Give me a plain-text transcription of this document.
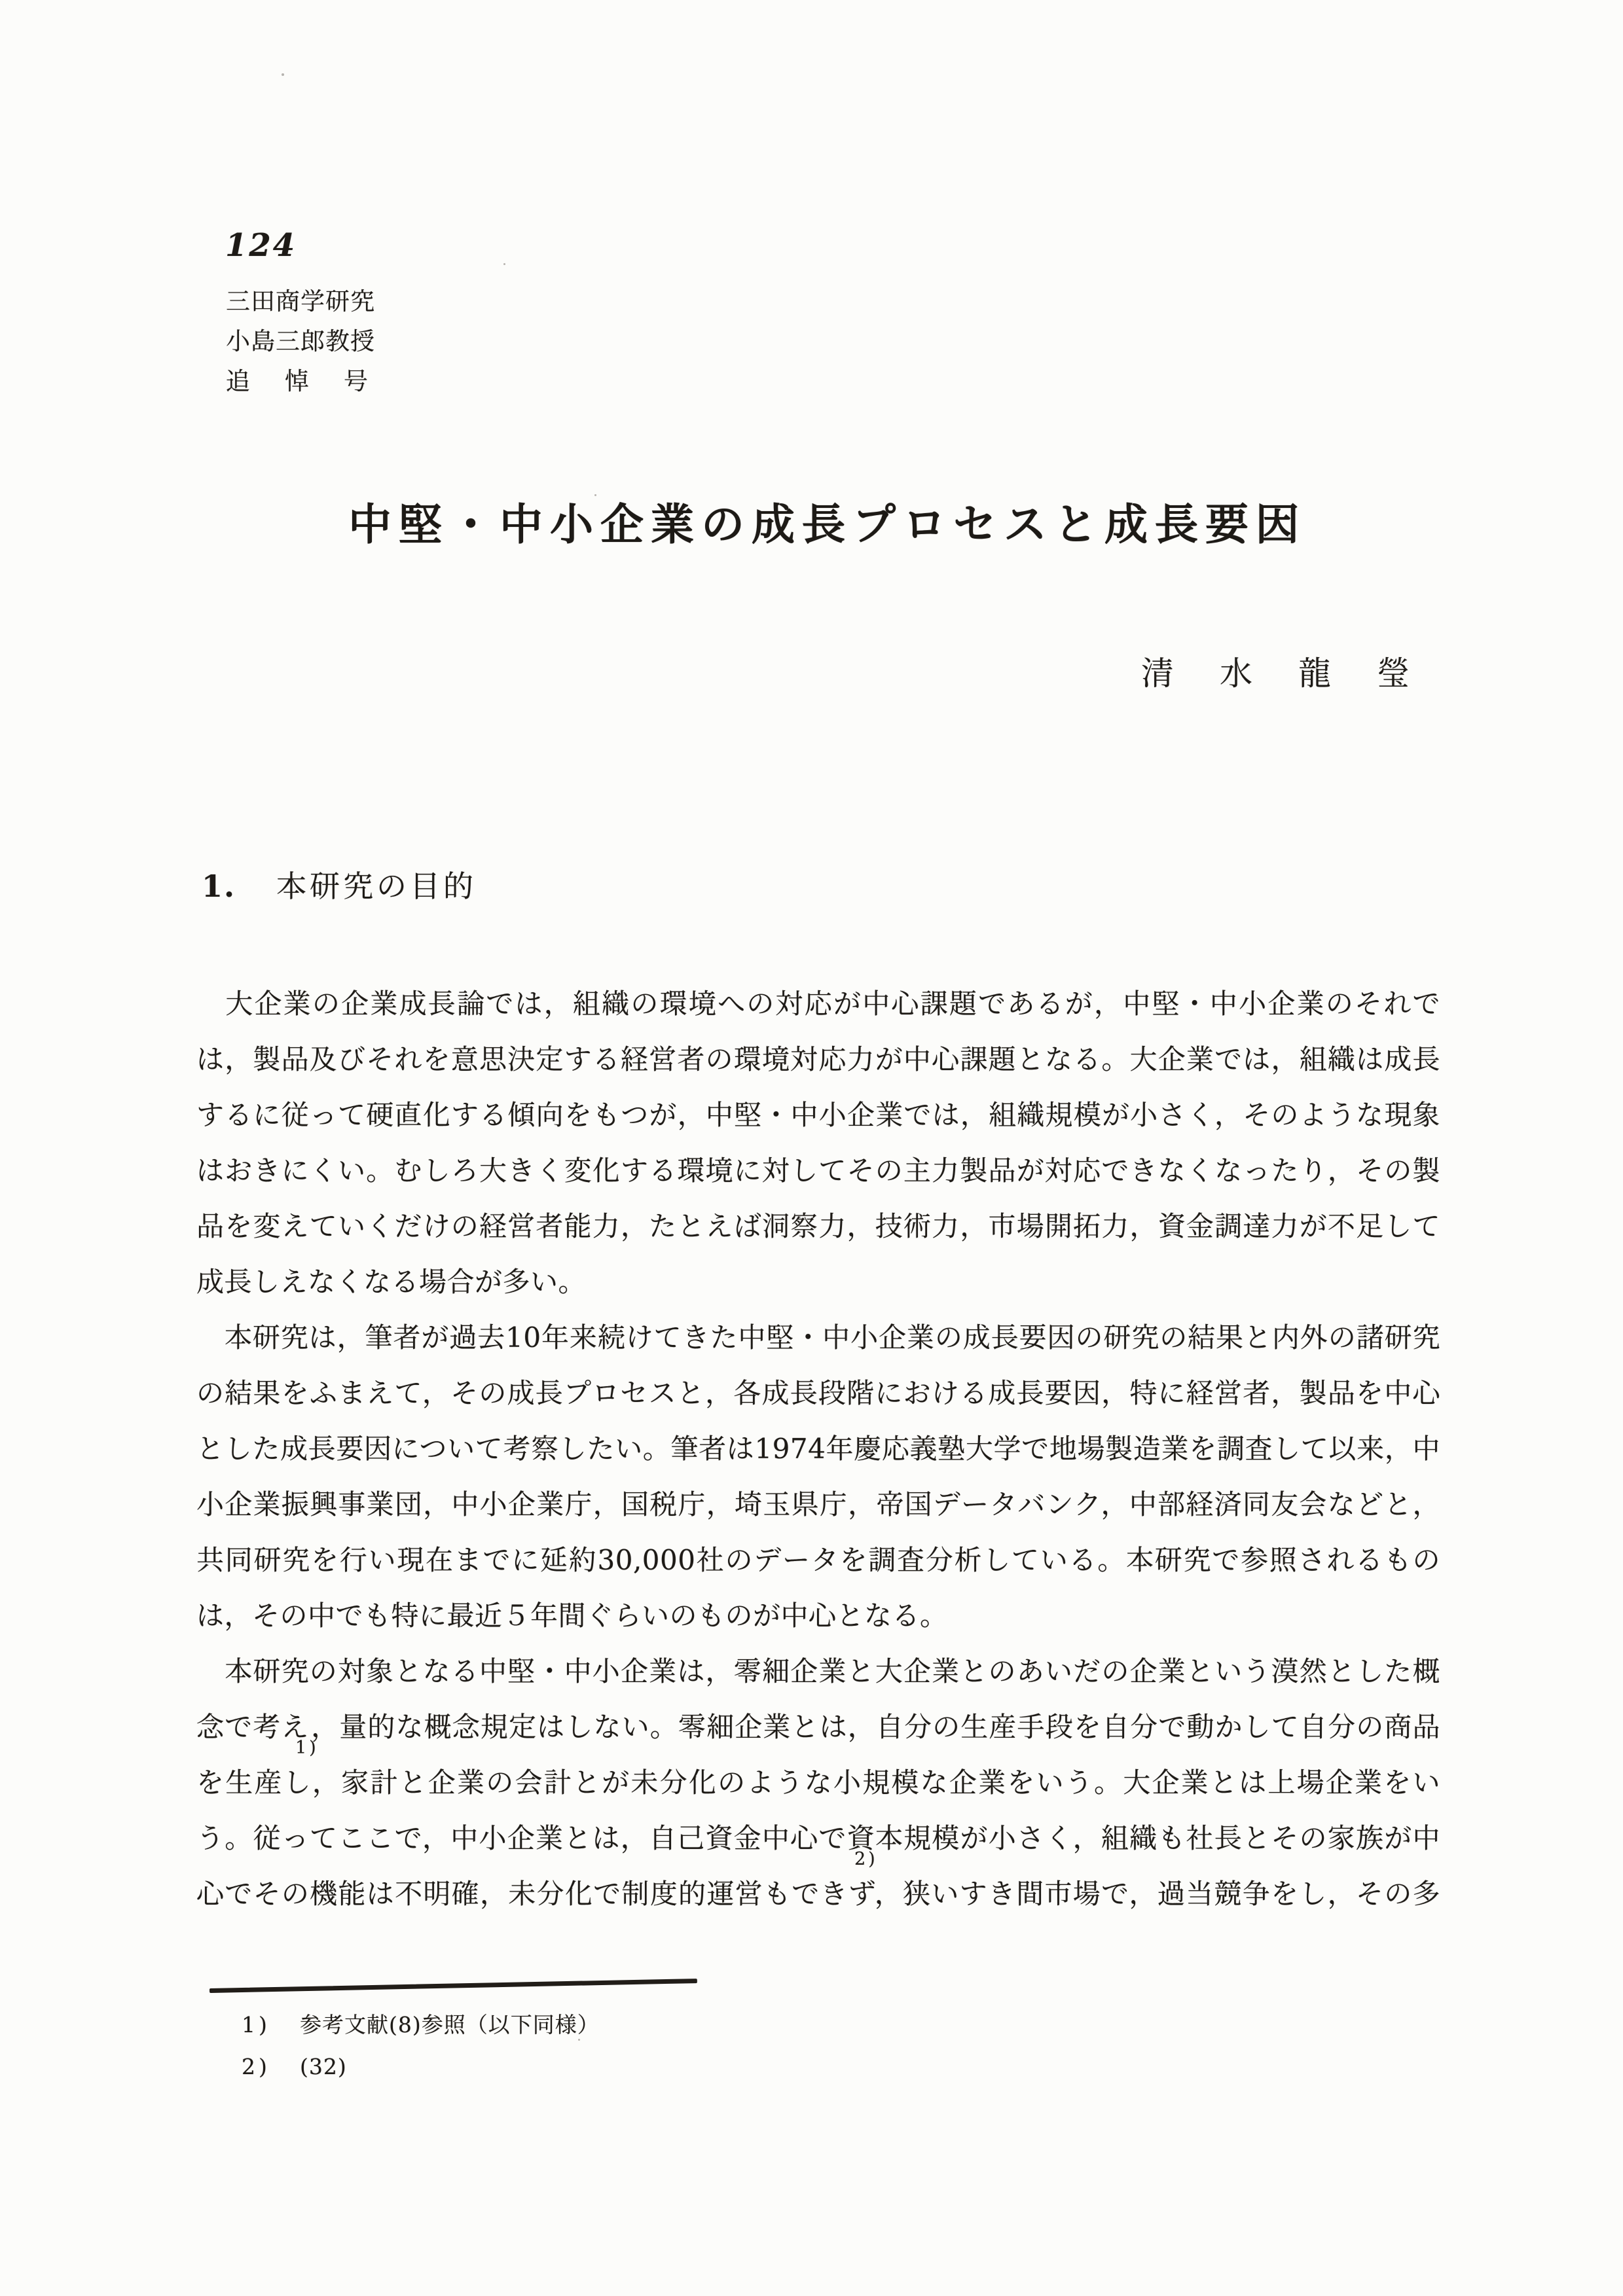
124
三田商学研究
小島三郎教授
追悼号
中堅・中小企業の成長プロセスと成長要因
清　水　龍　瑩
1. 本研究の目的
　大企業の企業成長論では，組織の環境への対応が中心課題であるが，中堅・中小企業のそれで
は，製品及びそれを意思決定する経営者の環境対応力が中心課題となる。大企業では，組織は成長
するに従って硬直化する傾向をもつが，中堅・中小企業では，組織規模が小さく，そのような現象
はおきにくい。むしろ大きく変化する環境に対してその主力製品が対応できなくなったり，その製
品を変えていくだけの経営者能力，たとえば洞察力，技術力，市場開拓力，資金調達力が不足して
成長しえなくなる場合が多い。
　本研究は，筆者が過去10年来続けてきた中堅・中小企業の成長要因の研究の結果と内外の諸研究
の結果をふまえて，その成長プロセスと，各成長段階における成長要因，特に経営者，製品を中心
とした成長要因について考察したい。筆者は1974年慶応義塾大学で地場製造業を調査して以来，中
小企業振興事業団，中小企業庁，国税庁，埼玉県庁，帝国データバンク，中部経済同友会などと，
共同研究を行い現在までに延約30,000社のデータを調査分析している。本研究で参照されるもの
は，その中でも特に最近５年間ぐらいのものが中心となる。
　本研究の対象となる中堅・中小企業は，零細企業と大企業とのあいだの企業という漠然とした概
念で考え，量的な概念規定はしない。零細企業とは，自分の生産手段を自分で動かして自分の商品
1)
を生産し，家計と企業の会計とが未分化のような小規模な企業をいう。大企業とは上場企業をい
う。従ってここで，中小企業とは，自己資金中心で資本規模が小さく，組織も社長とその家族が中
2)
心でその機能は不明確，未分化で制度的運営もできず，狭いすき間市場で，過当競争をし，その多
1) 参考文献(8)参照（以下同様）
2) (32)
